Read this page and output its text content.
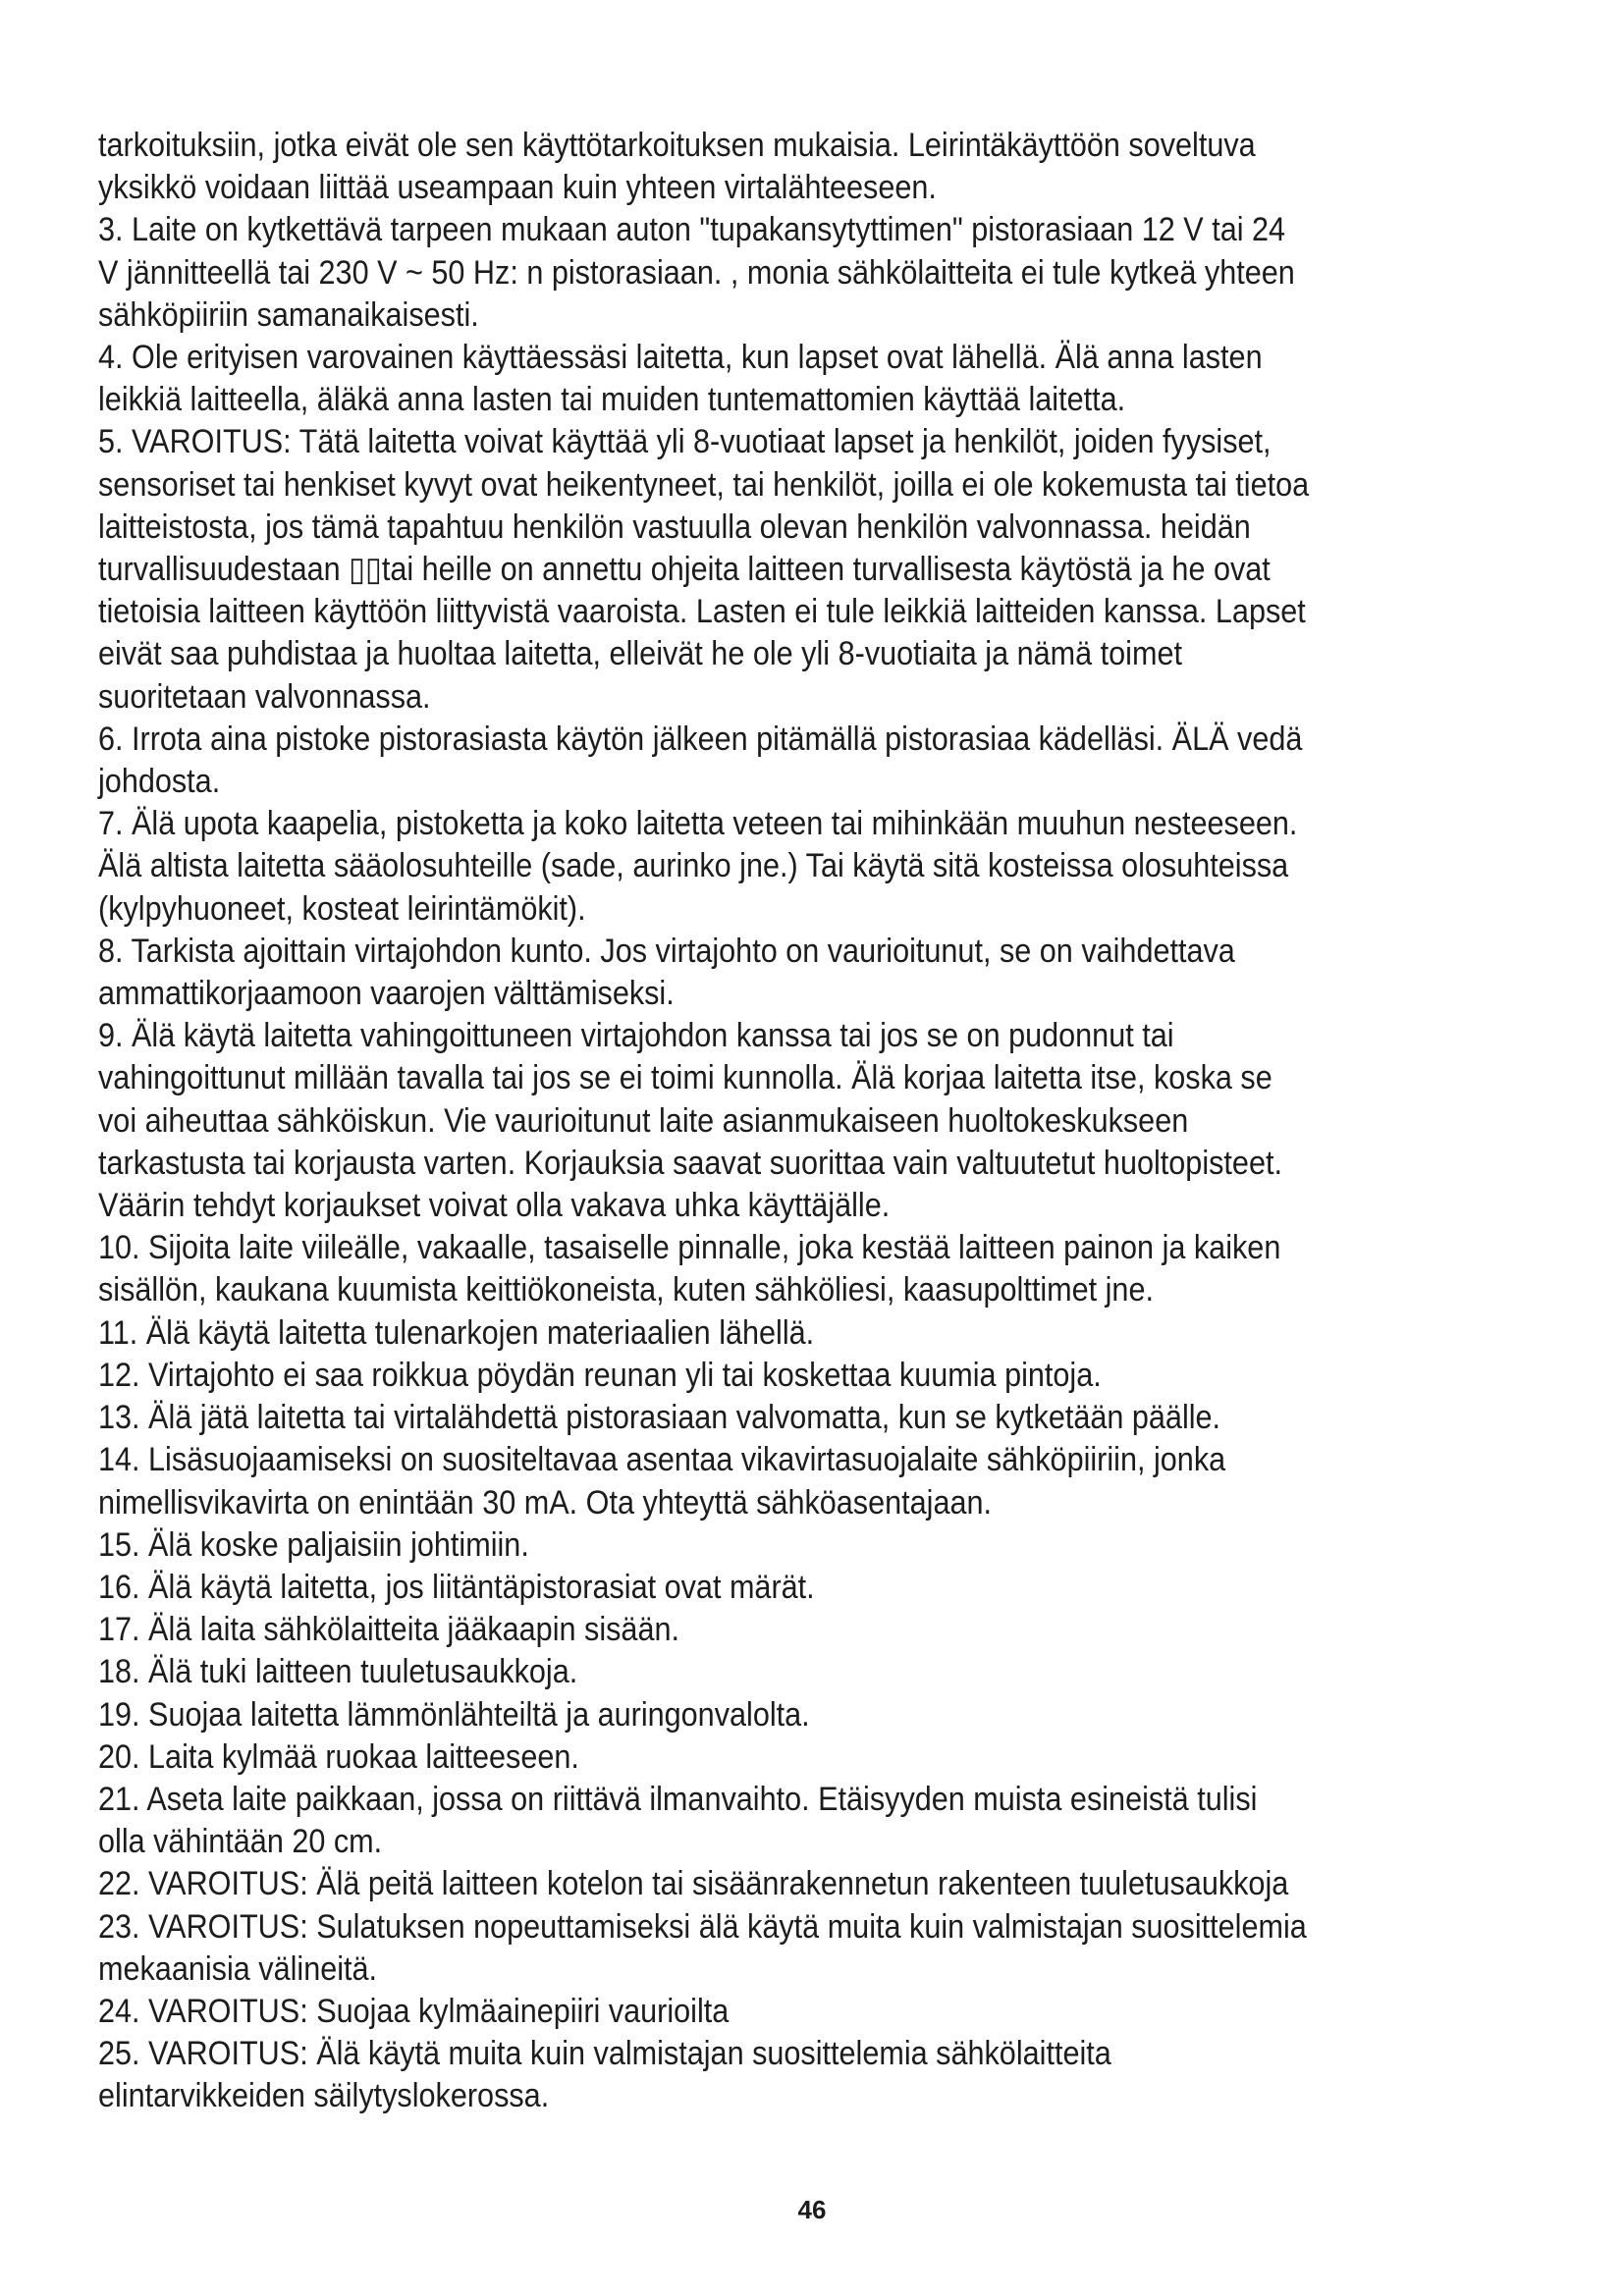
tarkoituksiin, jotka eivät ole sen käyttötarkoituksen mukaisia. Leirintäkäyttöön soveltuva
yksikkö voidaan liittää useampaan kuin yhteen virtalähteeseen.

3. Laite on kytkettävä tarpeen mukaan auton "tupakansytyttimen" pistorasiaan 12 V tai 24
V jännitteellä tai 230 V ~ 50 Hz: n pistorasiaan. , monia sähkölaitteita ei tule kytkeä yhteen
sähköpiiriin samanaikaisesti.

4. Ole erityisen varovainen käyttäessäsi laitetta, kun lapset ovat lähellä. Älä anna lasten
leikkiä laitteella, äläkä anna lasten tai muiden tuntemattomien käyttää laitetta.

5. VAROITUS: Tätä laitetta voivat käyttää yli 8-vuotiaat lapset ja henkilöt, joiden fyysiset,
sensoriset tai henkiset kyvyt ovat heikentyneet, tai henkilöt, joilla ei ole kokemusta tai tietoa
laitteistosta, jos tämä tapahtuu henkilön vastuulla olevan henkilön valvonnassa. heidän
turvallisuudestaan ▯▯tai heille on annettu ohjeita laitteen turvallisesta käytöstä ja he ovat
tietoisia laitteen käyttöön liittyvistä vaaroista. Lasten ei tule leikkiä laitteiden kanssa. Lapset
eivät saa puhdistaa ja huoltaa laitetta, elleivät he ole yli 8-vuotiaita ja nämä toimet
suoritetaan valvonnassa.

6. Irrota aina pistoke pistorasiasta käytön jälkeen pitämällä pistorasiaa kädelläsi. ÄLÄ vedä
johdosta.

7. Älä upota kaapelia, pistoketta ja koko laitetta veteen tai mihinkään muuhun nesteeseen.
Älä altista laitetta sääolosuhteille (sade, aurinko jne.) Tai käytä sitä kosteissa olosuhteissa
(kylpyhuoneet, kosteat leirintämökit).

8. Tarkista ajoittain virtajohdon kunto. Jos virtajohto on vaurioitunut, se on vaihdettava
ammattikorjaamoon vaarojen välttämiseksi.

9. Älä käytä laitetta vahingoittuneen virtajohdon kanssa tai jos se on pudonnut tai
vahingoittunut millään tavalla tai jos se ei toimi kunnolla. Älä korjaa laitetta itse, koska se
voi aiheuttaa sähköiskun. Vie vaurioitunut laite asianmukaiseen huoltokeskukseen
tarkastusta tai korjausta varten. Korjauksia saavat suorittaa vain valtuutetut huoltopisteet.
Väärin tehdyt korjaukset voivat olla vakava uhka käyttäjälle.

10. Sijoita laite viileälle, vakaalle, tasaiselle pinnalle, joka kestää laitteen painon ja kaiken
sisällön, kaukana kuumista keittiökoneista, kuten sähköliesi, kaasupolttimet jne.

11. Älä käytä laitetta tulenarkojen materiaalien lähellä.

12. Virtajohto ei saa roikkua pöydän reunan yli tai koskettaa kuumia pintoja.

13. Älä jätä laitetta tai virtalähdettä pistorasiaan valvomatta, kun se kytketään päälle.

14. Lisäsuojaamiseksi on suositeltavaa asentaa vikavirtasuojalaite sähköpiiriin, jonka
nimellisvikavirta on enintään 30 mA. Ota yhteyttä sähköasentajaan.

15. Älä koske paljaisiin johtimiin.

16. Älä käytä laitetta, jos liitäntäpistorasiat ovat märät.

17. Älä laita sähkölaitteita jääkaapin sisään.

18. Älä tuki laitteen tuuletusaukkoja.

19. Suojaa laitetta lämmönlähteiltä ja auringonvalolta.

20. Laita kylmää ruokaa laitteeseen.

21. Aseta laite paikkaan, jossa on riittävä ilmanvaihto. Etäisyyden muista esineistä tulisi
olla vähintään 20 cm.

22. VAROITUS: Älä peitä laitteen kotelon tai sisäänrakennetun rakenteen tuuletusaukkoja

23. VAROITUS: Sulatuksen nopeuttamiseksi älä käytä muita kuin valmistajan suosittelemia
mekaanisia välineitä.

24. VAROITUS: Suojaa kylmäainepiiri vaurioilta

25. VAROITUS: Älä käytä muita kuin valmistajan suosittelemia sähkölaitteita
elintarvikkeiden säilytyslokerossa.

46
